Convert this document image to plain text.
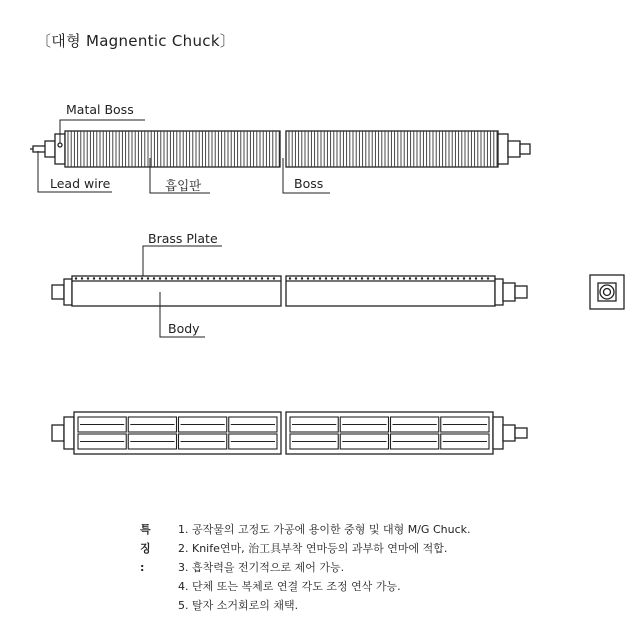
〔대형 Magnentic Chuck〕
Matal Boss
Lead wire	흡입판	Boss
Brass Plate
Body
특징 :
1. 공작물의 고정도 가공에 용이한 중형 및 대형 M/G Chuck.
2. Knife연마, 治工具부착 연마등의 과부하 연마에 적합.
3. 흡착력을 전기적으로 제어 가능.
4. 단체 또는 복체로 연결 각도 조정 연삭 가능.
5. 탈자 소거회로의 채택.
